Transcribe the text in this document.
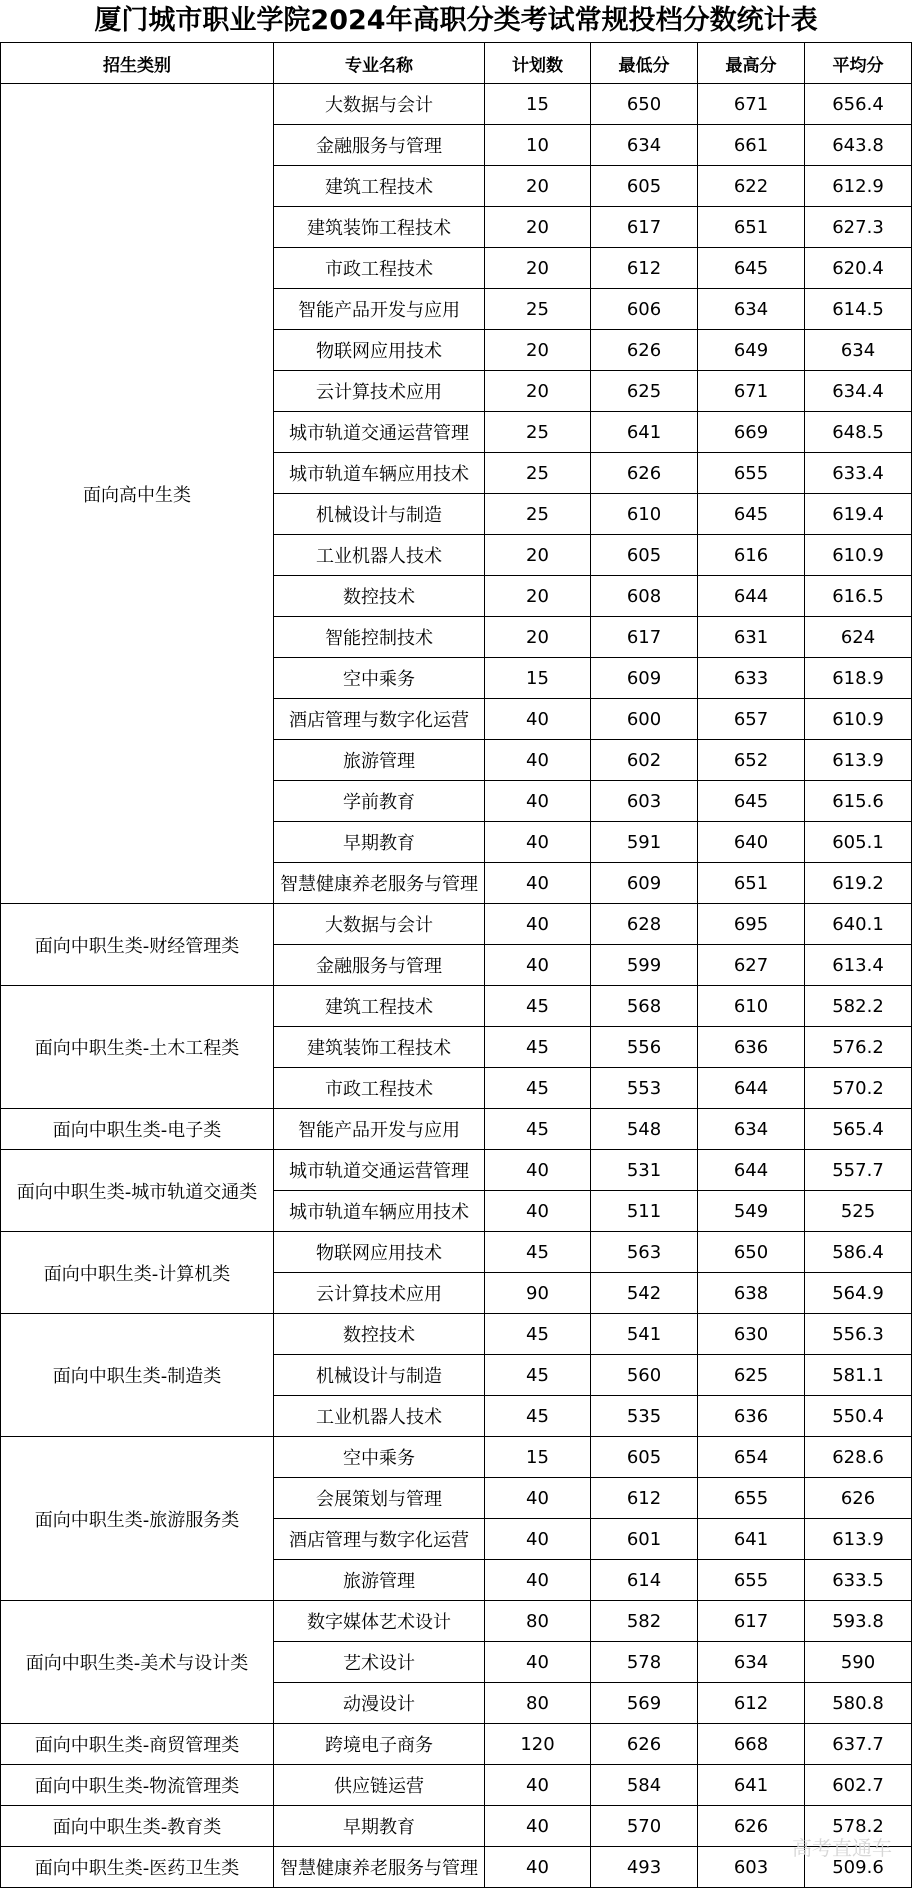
厦门城市职业学院2024年高职分类考试常规投档分数统计表
招生类别	专业名称	计划数	最低分	最高分	平均分
面向高中生类	大数据与会计	15	650	671	656.4
	金融服务与管理	10	634	661	643.8
	建筑工程技术	20	605	622	612.9
	建筑装饰工程技术	20	617	651	627.3
	市政工程技术	20	612	645	620.4
	智能产品开发与应用	25	606	634	614.5
	物联网应用技术	20	626	649	634
	云计算技术应用	20	625	671	634.4
	城市轨道交通运营管理	25	641	669	648.5
	城市轨道车辆应用技术	25	626	655	633.4
	机械设计与制造	25	610	645	619.4
	工业机器人技术	20	605	616	610.9
	数控技术	20	608	644	616.5
	智能控制技术	20	617	631	624
	空中乘务	15	609	633	618.9
	酒店管理与数字化运营	40	600	657	610.9
	旅游管理	40	602	652	613.9
	学前教育	40	603	645	615.6
	早期教育	40	591	640	605.1
	智慧健康养老服务与管理	40	609	651	619.2
面向中职生类-财经管理类	大数据与会计	40	628	695	640.1
	金融服务与管理	40	599	627	613.4
面向中职生类-土木工程类	建筑工程技术	45	568	610	582.2
	建筑装饰工程技术	45	556	636	576.2
	市政工程技术	45	553	644	570.2
面向中职生类-电子类	智能产品开发与应用	45	548	634	565.4
面向中职生类-城市轨道交通类	城市轨道交通运营管理	40	531	644	557.7
	城市轨道车辆应用技术	40	511	549	525
面向中职生类-计算机类	物联网应用技术	45	563	650	586.4
	云计算技术应用	90	542	638	564.9
面向中职生类-制造类	数控技术	45	541	630	556.3
	机械设计与制造	45	560	625	581.1
	工业机器人技术	45	535	636	550.4
面向中职生类-旅游服务类	空中乘务	15	605	654	628.6
	会展策划与管理	40	612	655	626
	酒店管理与数字化运营	40	601	641	613.9
	旅游管理	40	614	655	633.5
面向中职生类-美术与设计类	数字媒体艺术设计	80	582	617	593.8
	艺术设计	40	578	634	590
	动漫设计	80	569	612	580.8
面向中职生类-商贸管理类	跨境电子商务	120	626	668	637.7
面向中职生类-物流管理类	供应链运营	40	584	641	602.7
面向中职生类-教育类	早期教育	40	570	626	578.2
面向中职生类-医药卫生类	智慧健康养老服务与管理	40	493	603	509.6
高考直通车
